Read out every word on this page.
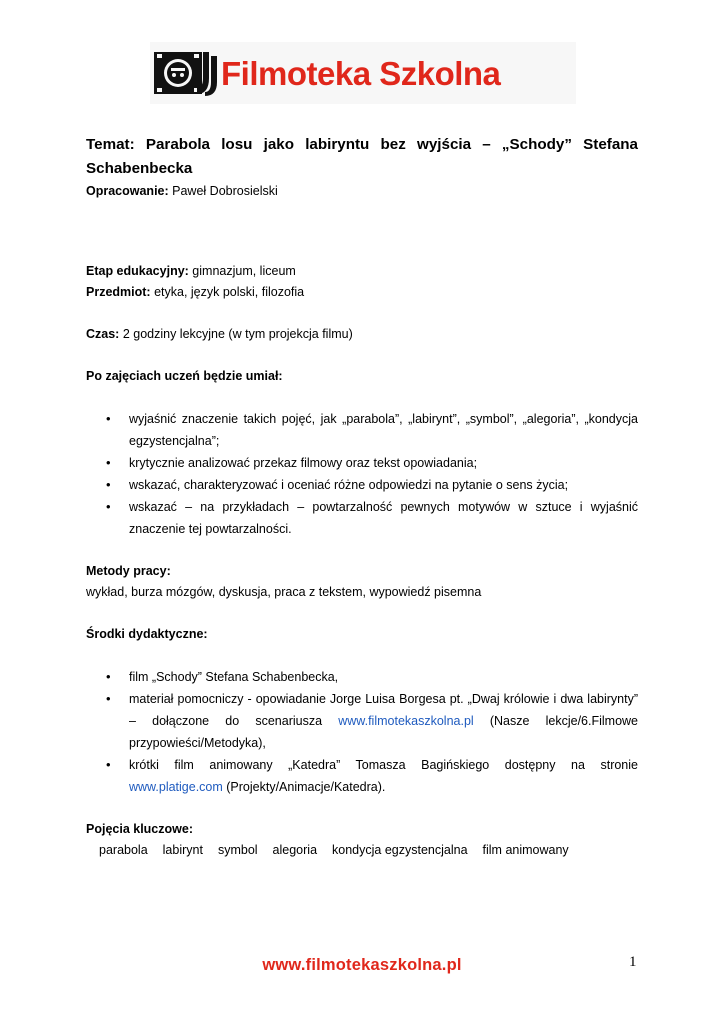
Filmoteka Szkolna

Temat: Parabola losu jako labiryntu bez wyjścia – „Schody” Stefana
Schabenbecka

Opracowanie: Paweł Dobrosielski

Etap edukacyjny: gimnazjum, liceum

Przedmiot: etyka, język polski, filozofia

Czas: 2 godziny lekcyjne (w tym projekcja filmu)

Po zajęciach uczeń będzie umiał:

• wyjaśnić znaczenie takich pojęć, jak „parabola”, „labirynt”, „symbol”, „alegoria”, „kondycja egzystencjalna”;
• krytycznie analizować przekaz filmowy oraz tekst opowiadania;
• wskazać, charakteryzować i oceniać różne odpowiedzi na pytanie o sens życia;
• wskazać – na przykładach – powtarzalność pewnych motywów w sztuce i wyjaśnić znaczenie tej powtarzalności.

Metody pracy:

wykład, burza mózgów, dyskusja, praca z tekstem, wypowiedź pisemna

Środki dydaktyczne:

• film „Schody” Stefana Schabenbecka,
• materiał pomocniczy - opowiadanie Jorge Luisa Borgesa pt. „Dwaj królowie i dwa labirynty” – dołączone do scenariusza www.filmotekaszkolna.pl (Nasze lekcje/6.Filmowe przypowieści/Metodyka),
• krótki film animowany „Katedra” Tomasza Bagińskiego dostępny na stronie www.platige.com (Projekty/Animacje/Katedra).

Pojęcia kluczowe:

parabola labirynt symbol alegoria kondycja egzystencjalna film animowany
www.filmotekaszkolna.pl	1
